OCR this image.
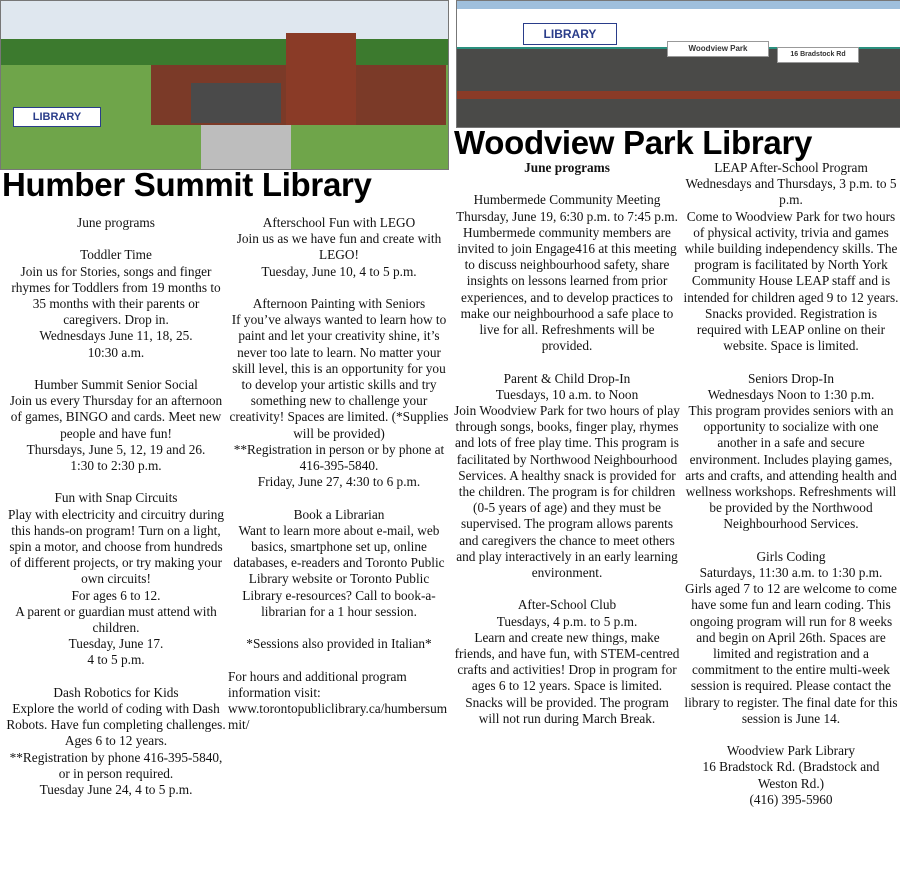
LIBRARY
LIBRARY
Woodview Park
16 Bradstock Rd
Humber Summit Library
Woodview Park Library

June programs

Toddler Time
Join us for Stories, songs and finger rhymes for Toddlers from 19 months to 35 months with their parents or caregivers. Drop in.
Wednesdays June 11, 18, 25.
10:30 a.m.

Humber Summit Senior Social
Join us every Thursday for an afternoon of games, BINGO and cards. Meet new people and have fun!
Thursdays, June 5, 12, 19 and 26.
1:30 to 2:30 p.m.

Fun with Snap Circuits
Play with electricity and circuitry during this hands-on program! Turn on a light, spin a motor, and choose from hundreds of different projects, or try making your own circuits!
For ages 6 to 12.
A parent or guardian must attend with children.
Tuesday, June 17.
4 to 5 p.m.

Dash Robotics for Kids
Explore the world of coding with Dash Robots. Have fun completing challenges. Ages 6 to 12 years.
**Registration by phone 416-395-5840, or in person required.
Tuesday June 24, 4 to 5 p.m.

Afterschool Fun with LEGO
Join us as we have fun and create with LEGO!
Tuesday, June 10, 4 to 5 p.m.

Afternoon Painting with Seniors
If you’ve always wanted to learn how to paint and let your creativity shine, it’s never too late to learn. No matter your skill level, this is an opportunity for you to develop your artistic skills and try something new to challenge your creativity! Spaces are limited. (*Supplies will be provided)
**Registration in person or by phone at 416-395-5840.
Friday, June 27, 4:30 to 6 p.m.

Book a Librarian
Want to learn more about e-mail, web basics, smartphone set up, online databases, e-readers and Toronto Public Library website or Toronto Public Library e-resources? Call to book-a-librarian for a 1 hour session.

*Sessions also provided in Italian*

For hours and additional program information visit:
www.torontopubliclibrary.ca/humbersummit/

June programs

Humbermede Community Meeting
Thursday, June 19, 6:30 p.m. to 7:45 p.m.
Humbermede community members are invited to join Engage416 at this meeting to discuss neighbourhood safety, share insights on lessons learned from prior experiences, and to develop practices to make our neighbourhood a safe place to live for all. Refreshments will be provided.

Parent & Child Drop-In
Tuesdays, 10 a.m. to Noon
Join Woodview Park for two hours of play through songs, books, finger play, rhymes and lots of free play time. This program is facilitated by Northwood Neighbourhood Services. A healthy snack is provided for the children. The program is for children (0-5 years of age) and they must be supervised. The program allows parents and caregivers the chance to meet others and play interactively in an early learning environment.

After-School Club
Tuesdays, 4 p.m. to 5 p.m.
Learn and create new things, make friends, and have fun, with STEM-centred crafts and activities! Drop in program for ages 6 to 12 years. Space is limited. Snacks will be provided. The program will not run during March Break.

LEAP After-School Program
Wednesdays and Thursdays, 3 p.m. to 5 p.m.
Come to Woodview Park for two hours of physical activity, trivia and games while building independency skills. The program is facilitated by North York Community House LEAP staff and is intended for children aged 9 to 12 years. Snacks provided. Registration is required with LEAP online on their website. Space is limited.

Seniors Drop-In
Wednesdays Noon to 1:30 p.m.
This program provides seniors with an opportunity to socialize with one another in a safe and secure environment. Includes playing games, arts and crafts, and attending health and wellness workshops. Refreshments will be provided by the Northwood Neighbourhood Services.

Girls Coding
Saturdays, 11:30 a.m. to 1:30 p.m.
Girls aged 7 to 12 are welcome to come have some fun and learn coding. This ongoing program will run for 8 weeks and begin on April 26th. Spaces are limited and registration and a commitment to the entire multi-week session is required. Please contact the library to register. The final date for this session is June 14.

Woodview Park Library
16 Bradstock Rd. (Bradstock and Weston Rd.)
(416) 395-5960
